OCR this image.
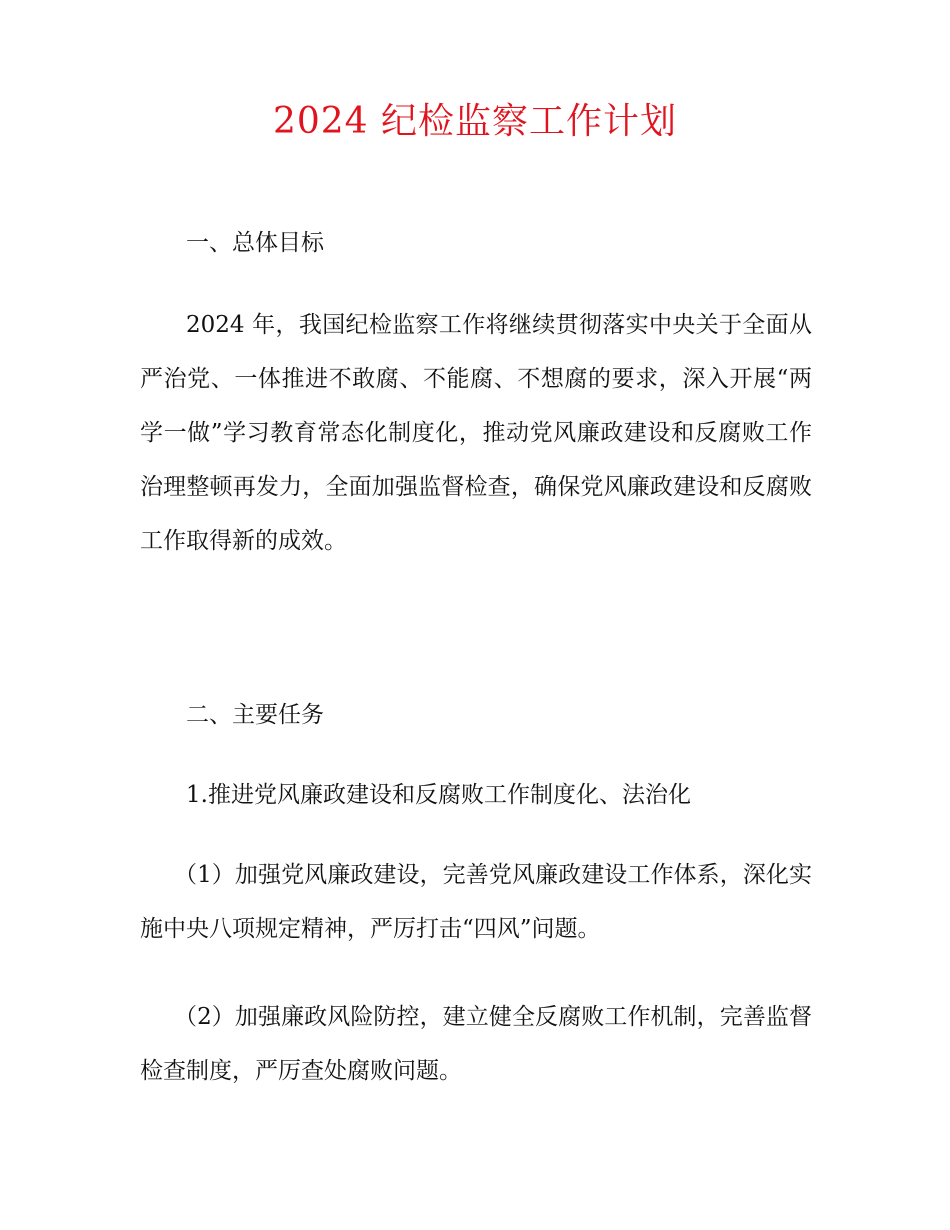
2024 纪检监察工作计划
一、总体目标
2024 年，我国纪检监察工作将继续贯彻落实中央关于全面从严治党、一体推进不敢腐、不能腐、不想腐的要求，深入开展“两学一做”学习教育常态化制度化，推动党风廉政建设和反腐败工作治理整顿再发力，全面加强监督检查，确保党风廉政建设和反腐败工作取得新的成效。
二、主要任务
1.推进党风廉政建设和反腐败工作制度化、法治化
（1）加强党风廉政建设，完善党风廉政建设工作体系，深化实施中央八项规定精神，严厉打击“四风”问题。
（2）加强廉政风险防控，建立健全反腐败工作机制，完善监督检查制度，严厉查处腐败问题。
